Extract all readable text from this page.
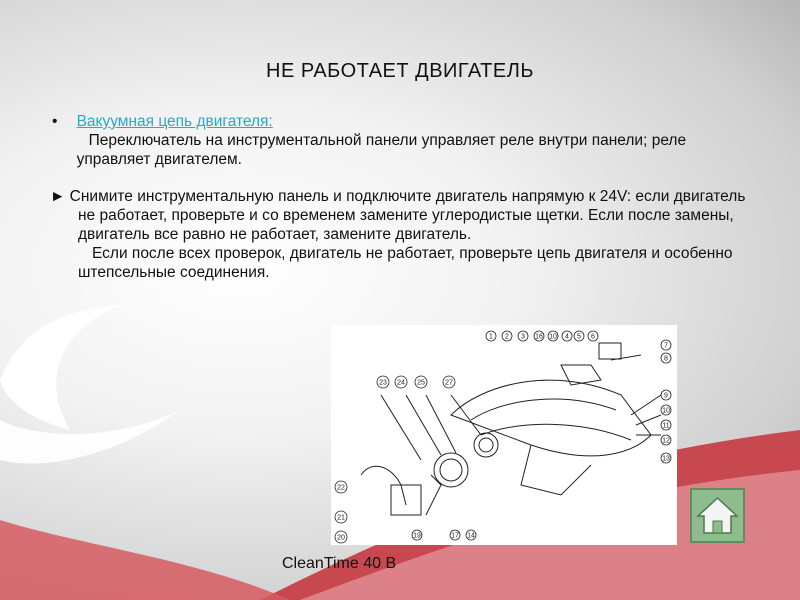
НЕ РАБОТАЕТ ДВИГАТЕЛЬ
•	Вакуумная цепь двигателя:
Переключатель на инструментальной панели управляет реле внутри панели; реле управляет двигателем.
► Снимите инструментальную панель и подключите двигатель напрямую к 24V: если двигатель не работает, проверьте и со временем замените углеродистые щетки. Если после замены, двигатель все равно не работает, замените двигатель.
Если после всех проверок, двигатель не работает, проверьте цепь двигателя и особенно штепсельные соединения.
1 2 3 16 10 4 5 6
7
8
9
10
11
12
13
23 24 25	27
22
21
20	19	17 14
CleanTime 40 B
